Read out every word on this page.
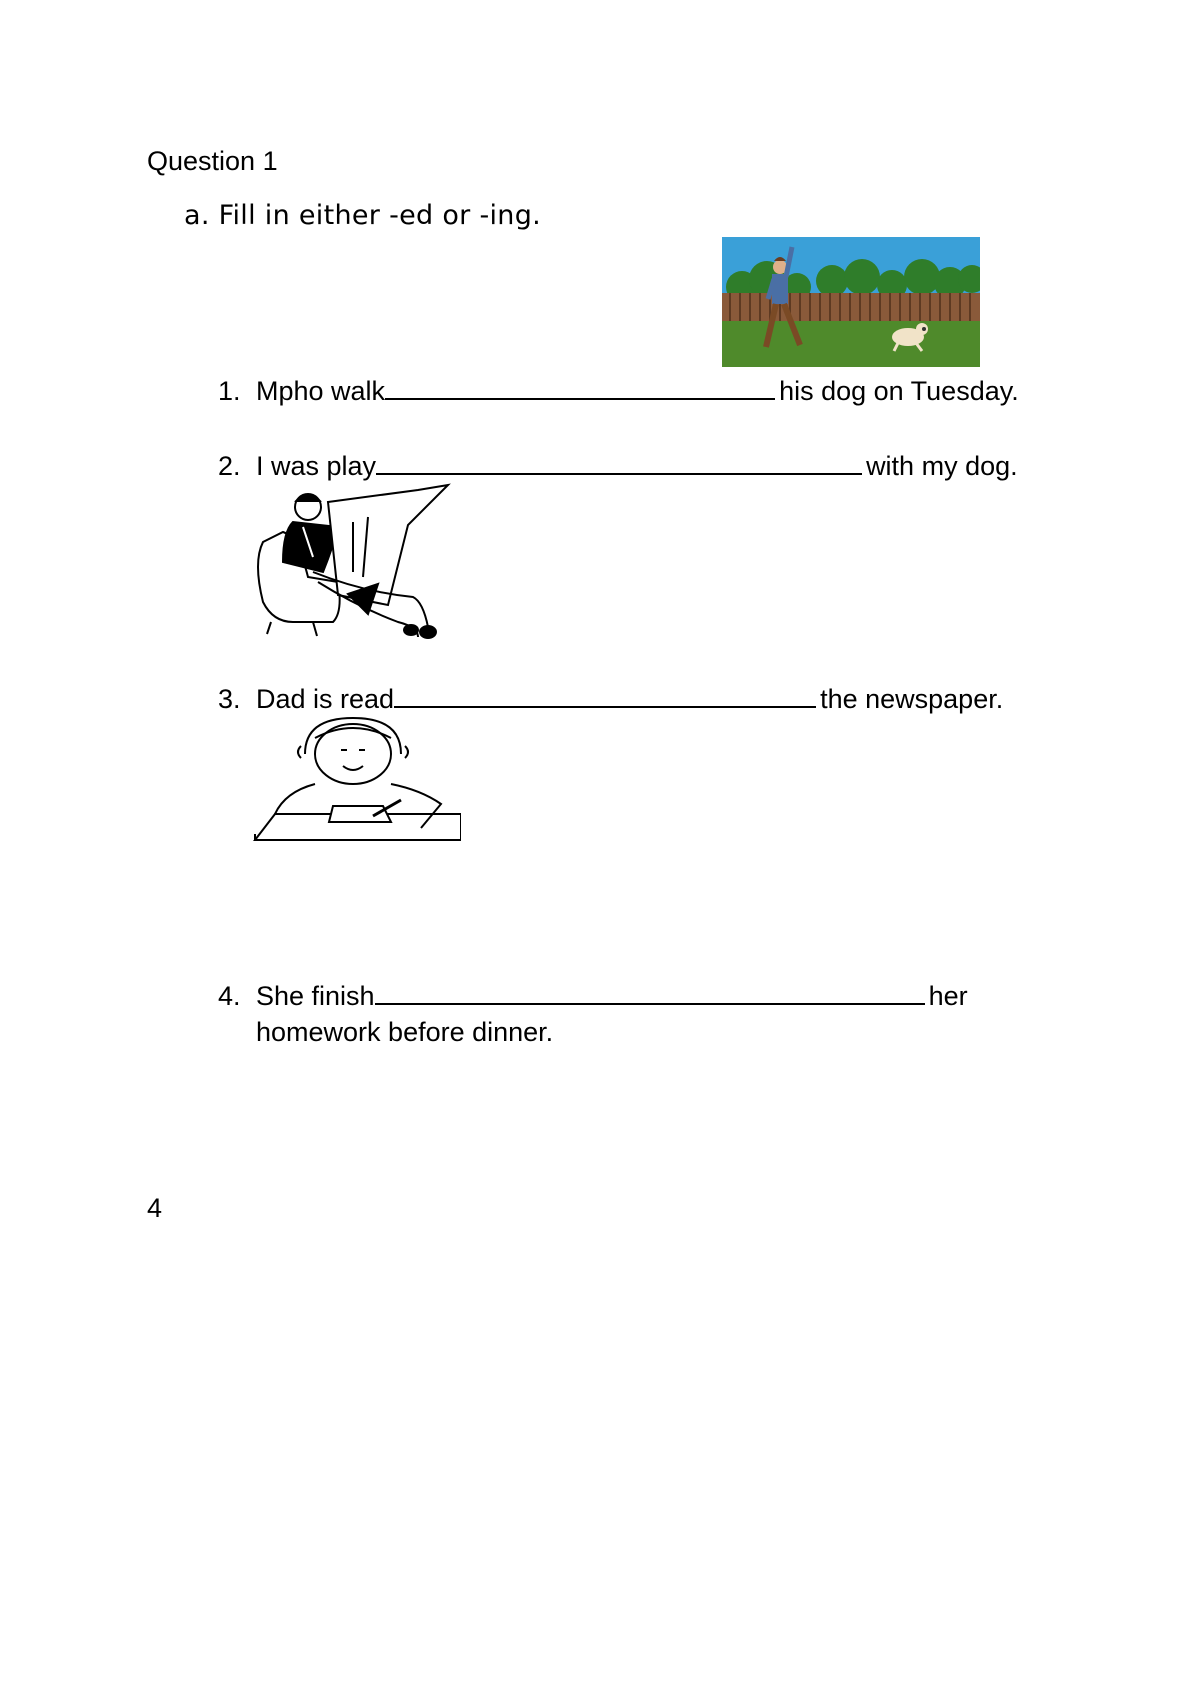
Question 1
a. Fill in either -ed or -ing.
1. Mpho walk	his dog on Tuesday.
2. I was play	with my dog.
3. Dad is read	the newspaper.
4. She finish	her
homework before dinner.
4
